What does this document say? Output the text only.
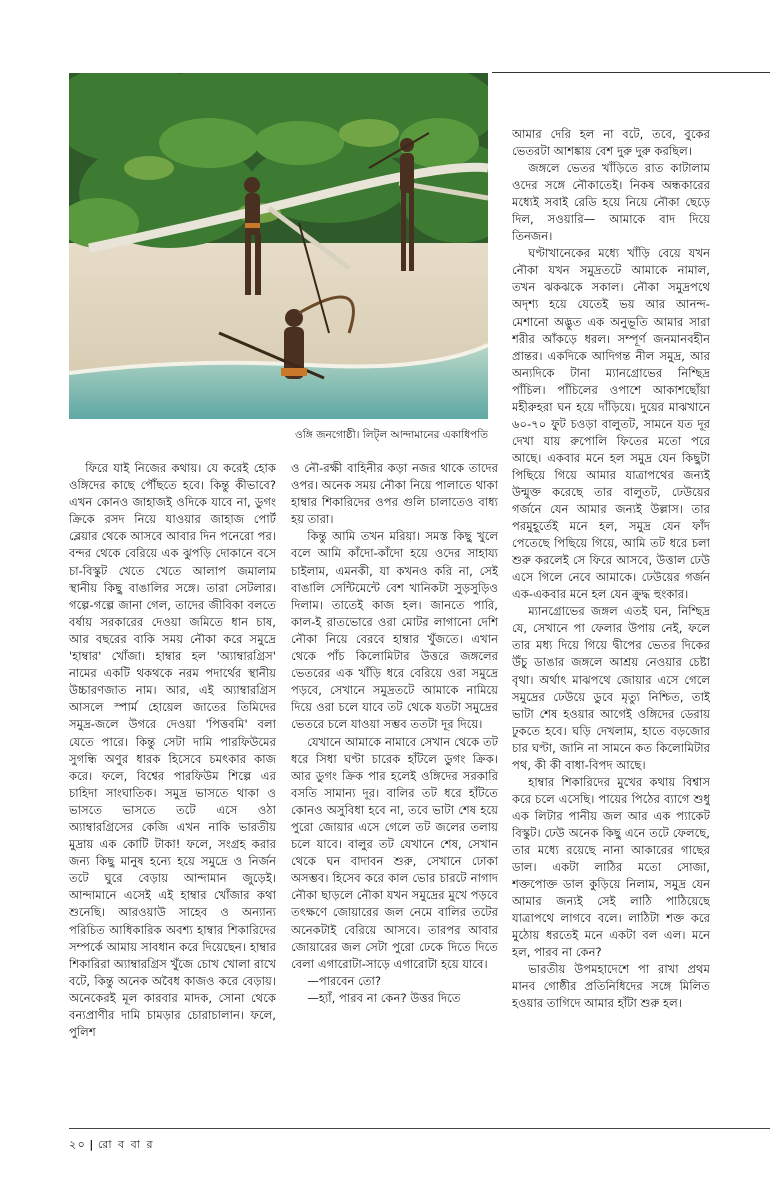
ওঙ্গি জনগোষ্ঠী। লিট্‌ল আন্দামানের একাধিপতি

ফিরে যাই নিজের কথায়। যে করেই হোক ওঙ্গিদের কাছে পৌঁছতে হবে। কিন্তু কীভাবে? এখন কোনও জাহাজই ওদিকে যাবে না, ডুগং ক্রিকে রসদ নিয়ে যাওয়ার জাহাজ পোর্ট ব্লেয়ার থেকে আসবে আবার দিন পনেরো পর। বন্দর থেকে বেরিয়ে এক ঝুপড়ি দোকানে বসে চা-বিস্কুট খেতে খেতে আলাপ জমালাম স্থানীয় কিছু বাঙালির সঙ্গে। তারা সেটলার। গল্পে-গল্পে জানা গেল, তাদের জীবিকা বলতে বর্ষায় সরকারের দেওয়া জমিতে ধান চাষ, আর বছরের বাকি সময় নৌকা করে সমুদ্রে 'হাম্বার' খোঁজা। হাম্বার হল 'অ্যাম্বারগ্রিস' নামের একটি থকথকে নরম পদার্থের স্থানীয় উচ্চারণজাত নাম। আর, এই অ্যাম্বারগ্রিস আসলে স্পার্ম হোয়েল জাতের তিমিদের সমুদ্র-জলে উগরে দেওয়া 'পিত্তবমি' বলা যেতে পারে। কিন্তু সেটা দামি পারফিউমের সুগন্ধি অণুর ধারক হিসেবে চমৎকার কাজ করে। ফলে, বিশ্বের পারফিউম শিল্পে এর চাহিদা সাংঘাতিক। সমুদ্র ভাসতে থাকা ও ভাসতে ভাসতে তটে এসে ওঠা অ্যাম্বারগ্রিসের কেজি এখন নাকি ভারতীয় মুদ্রায় এক কোটি টাকা! ফলে, সংগ্রহ করার জন্য কিছু মানুষ হন্যে হয়ে সমুদ্রে ও নির্জন তটে ঘুরে বেড়ায় আন্দামান জুড়েই। আন্দামানে এসেই এই হাম্বার খোঁজার কথা শুনেছি। আরওয়াউ সাহেব ও অন্যান্য পরিচিত আধিকারিক অবশ্য হাম্বার শিকারিদের সম্পর্কে আমায় সাবধান করে দিয়েছেন। হাম্বার শিকারিরা অ্যাম্বারগ্রিস খুঁজে চোখ খোলা রাখে বটে, কিন্তু অনেক অবৈধ কাজও করে বেড়ায়। অনেকেরই মূল কারবার মাদক, সোনা থেকে বন্যপ্রাণীর দামি চামড়ার চোরাচালান। ফলে, পুলিশ

ও নৌ-রক্ষী বাহিনীর কড়া নজর থাকে তাদের ওপর। অনেক সময় নৌকা নিয়ে পালাতে থাকা হাম্বার শিকারিদের ওপর গুলি চালাতেও বাধ্য হয় তারা।

কিন্তু আমি তখন মরিয়া। সমস্ত কিছু খুলে বলে আমি কাঁদো-কাঁদো হয়ে ওদের সাহায্য চাইলাম, এমনকী, যা কখনও করি না, সেই বাঙালি সেন্টিমেন্টে বেশ খানিকটা সুড়সুড়িও দিলাম। তাতেই কাজ হল। জানতে পারি, কাল-ই রাতভোরে ওরা মোটর লাগানো দেশি নৌকা নিয়ে বেরবে হাম্বার খুঁজতে। এখান থেকে পাঁচ কিলোমিটার উত্তরে জঙ্গলের ভেতরের এক খাঁড়ি ধরে বেরিয়ে ওরা সমুদ্রে পড়বে, সেখানে সমুদ্রতটে আমাকে নামিয়ে দিয়ে ওরা চলে যাবে তট থেকে যতটা সমুদ্রের ভেতরে চলে যাওয়া সম্ভব ততটা দূর দিয়ে।

যেখানে আমাকে নামাবে সেখান থেকে তট ধরে সিধা ঘণ্টা চারেক হাঁটলে ডুগং ক্রিক। আর ডুগং ক্রিক পার হলেই ওঙ্গিদের সরকারি বসতি সামান্য দূর। বালির তট ধরে হাঁটতে কোনও অসুবিধা হবে না, তবে ভাটা শেষ হয়ে পুরো জোয়ার এসে গেলে তট জলের তলায় চলে যাবে। বালুর তট যেখানে শেষ, সেখান থেকে ঘন বাদাবন শুরু, সেখানে ঢোকা অসম্ভব। হিসেব করে কাল ভোর চারটে নাগাদ নৌকা ছাড়লে নৌকা যখন সমুদ্রের মুখে পড়বে তৎক্ষণে জোয়ারের জল নেমে বালির তটের অনেকটাই বেরিয়ে আসবে। তারপর আবার জোয়ারের জল সেটা পুরো ঢেকে দিতে দিতে বেলা এগারোটা-সাড়ে এগারোটা হয়ে যাবে।

—পারবেন তো?

—হ্যাঁ, পারব না কেন? উত্তর দিতে

আমার দেরি হল না বটে, তবে, বুকের ভেতরটা আশঙ্কায় বেশ দুরু দুরু করছিল।

জঙ্গলে ভেতর খাঁড়িতে রাত কাটালাম ওদের সঙ্গে নৌকাতেই। নিকষ অন্ধকারের মধ্যেই সবাই রেডি হয়ে নিয়ে নৌকা ছেড়ে দিল, সওয়ারি— আমাকে বাদ দিয়ে তিনজন।

ঘণ্টাখানেকের মধ্যে খাঁড়ি বেয়ে যখন নৌকা যখন সমুদ্রতটে আমাকে নামাল, তখন ঝকঝকে সকাল। নৌকা সমুদ্রপথে অদৃশ্য হয়ে যেতেই ভয় আর আনন্দ-মেশানো অদ্ভুত এক অনুভূতি আমার সারা শরীর আঁকড়ে ধরল। সম্পূর্ণ জনমানবহীন প্রান্তর। একদিকে আদিগন্ত নীল সমুদ্র, আর অন্যদিকে টানা ম্যানগ্রোভের নিশ্ছিদ্র পাঁচিল। পাঁচিলের ওপাশে আকাশছোঁয়া মহীরুহরা ঘন হয়ে দাঁড়িয়ে। দুয়ের মাঝখানে ৬০-৭০ ফুট চওড়া বালুতট, সামনে যত দূর দেখা যায় রুপোলি ফিতের মতো পরে আছে। একবার মনে হল সমুদ্র যেন কিছুটা পিছিয়ে গিয়ে আমার যাত্রাপথের জন্যই উন্মুক্ত করেছে তার বালুতট, ঢেউয়ের গর্জনে যেন আমার জন্যই উল্লাস। তার পরমুহূর্তেই মনে হল, সমুদ্র যেন ফাঁদ পেতেছে পিছিয়ে গিয়ে, আমি তট ধরে চলা শুরু করলেই সে ফিরে আসবে, উত্তাল ঢেউ এসে গিলে নেবে আমাকে। ঢেউয়ের গর্জন এক-একবার মনে হল যেন ক্রুদ্ধ হুংকার।

ম্যানগ্রোভের জঙ্গল এতই ঘন, নিশ্ছিদ্র যে, সেখানে পা ফেলার উপায় নেই, ফলে তার মধ্য দিয়ে গিয়ে দ্বীপের ভেতর দিকের উঁচু ডাঙার জঙ্গলে আশ্রয় নেওয়ার চেষ্টা বৃথা। অর্থাৎ মাঝপথে জোয়ার এসে গেলে সমুদ্রের ঢেউয়ে ডুবে মৃত্যু নিশ্চিত, তাই ভাটা শেষ হওয়ার আগেই ওঙ্গিদের ডেরায় ঢুকতে হবে। ঘড়ি দেখলাম, হাতে বড়জোর চার ঘণ্টা, জানি না সামনে কত কিলোমিটার পথ, কী কী বাধা-বিপদ আছে।

হাম্বার শিকারিদের মুখের কথায় বিশ্বাস করে চলে এসেছি। পায়ের পিঠের ব্যাগে শুধু এক লিটার পানীয় জল আর এক প্যাকেট বিস্কুট। ঢেউ অনেক কিছু এনে তটে ফেলছে, তার মধ্যে রয়েছে নানা আকারের গাছের ডাল। একটা লাঠির মতো সোজা, শক্তপোক্ত ডাল কুড়িয়ে নিলাম, সমুদ্র যেন আমার জন্যই সেই লাঠি পাঠিয়েছে যাত্রাপথে লাগবে বলে। লাঠিটা শক্ত করে মুঠোয় ধরতেই মনে একটা বল এল। মনে হল, পারব না কেন?

ভারতীয় উপমহাদেশে পা রাখা প্রথম মানব গোষ্ঠীর প্রতিনিধিদের সঙ্গে মিলিত হওয়ার তাগিদে আমার হাঁটা শুরু হল।

২০ | রো ব বা র
